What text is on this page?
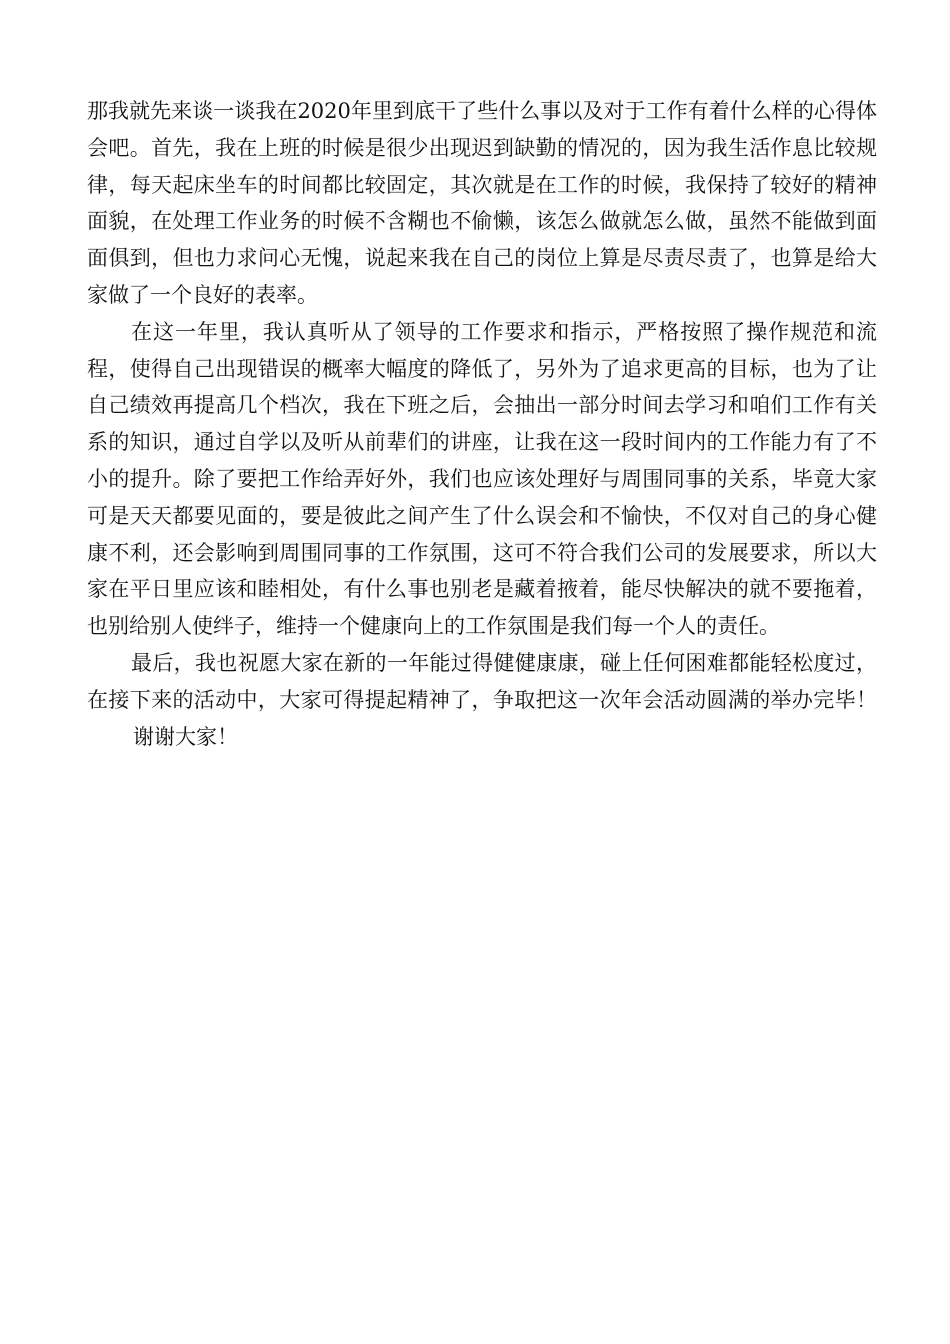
那我就先来谈一谈我在2020年里到底干了些什么事以及对于工作有着什么样的心得体会吧。首先，我在上班的时候是很少出现迟到缺勤的情况的，因为我生活作息比较规律，每天起床坐车的时间都比较固定，其次就是在工作的时候，我保持了较好的精神面貌，在处理工作业务的时候不含糊也不偷懒，该怎么做就怎么做，虽然不能做到面面俱到，但也力求问心无愧，说起来我在自己的岗位上算是尽责尽责了，也算是给大家做了一个良好的表率。

在这一年里，我认真听从了领导的工作要求和指示，严格按照了操作规范和流程，使得自己出现错误的概率大幅度的降低了，另外为了追求更高的目标，也为了让自己绩效再提高几个档次，我在下班之后，会抽出一部分时间去学习和咱们工作有关系的知识，通过自学以及听从前辈们的讲座，让我在这一段时间内的工作能力有了不小的提升。除了要把工作给弄好外，我们也应该处理好与周围同事的关系，毕竟大家可是天天都要见面的，要是彼此之间产生了什么误会和不愉快，不仅对自己的身心健康不利，还会影响到周围同事的工作氛围，这可不符合我们公司的发展要求，所以大家在平日里应该和睦相处，有什么事也别老是藏着掖着，能尽快解决的就不要拖着，也别给别人使绊子，维持一个健康向上的工作氛围是我们每一个人的责任。

最后，我也祝愿大家在新的一年能过得健健康康，碰上任何困难都能轻松度过，在接下来的活动中，大家可得提起精神了，争取把这一次年会活动圆满的举办完毕！谢谢大家！
